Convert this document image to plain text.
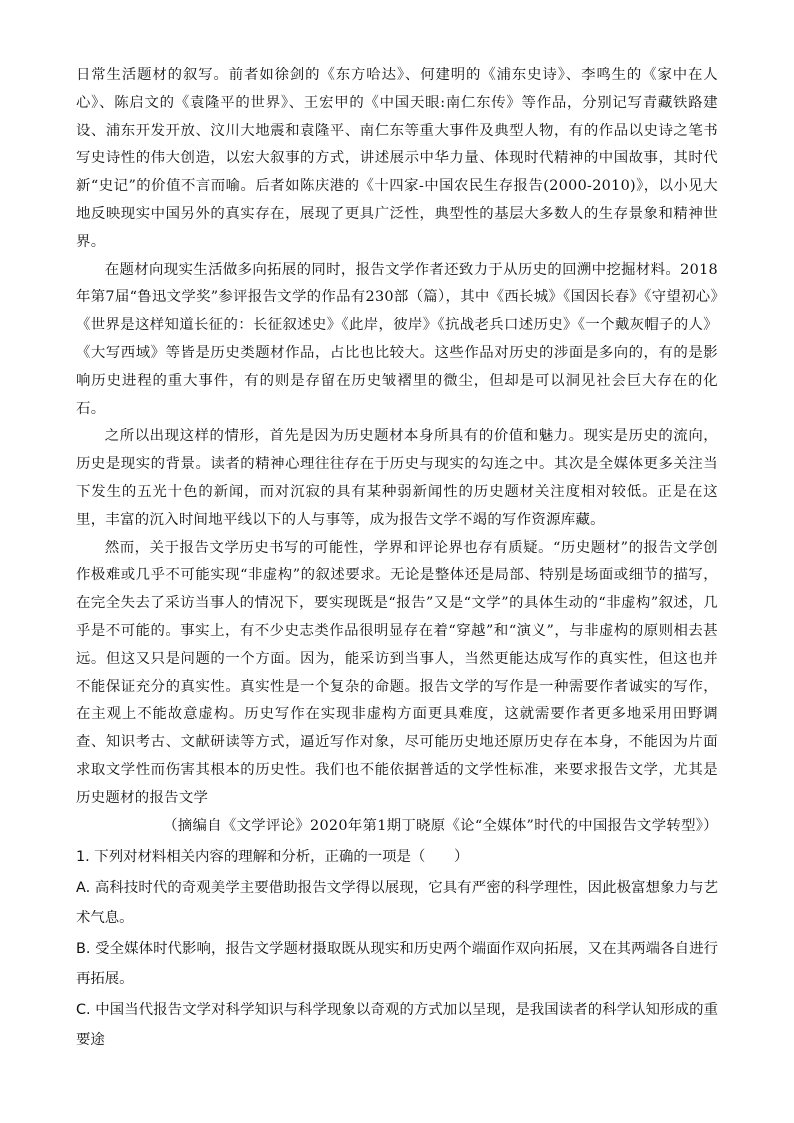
日常生活题材的叙写。前者如徐剑的《东方哈达》、何建明的《浦东史诗》、李鸣生的《家中在人心》、陈启文的《袁隆平的世界》、王宏甲的《中国天眼:南仁东传》等作品，分别记写青藏铁路建设、浦东开发开放、汶川大地震和袁隆平、南仁东等重大事件及典型人物，有的作品以史诗之笔书写史诗性的伟大创造，以宏大叙事的方式，讲述展示中华力量、体现时代精神的中国故事，其时代新“史记”的价值不言而喻。后者如陈庆港的《十四家-中国农民生存报告(2000-2010)》，以小见大地反映现实中国另外的真实存在，展现了更具广泛性，典型性的基层大多数人的生存景象和精神世界。

在题材向现实生活做多向拓展的同时，报告文学作者还致力于从历史的回溯中挖掘材料。2018年第7届“鲁迅文学奖”参评报告文学的作品有230部（篇），其中《西长城》《国因长春》《守望初心》《世界是这样知道长征的：长征叙述史》《此岸，彼岸》《抗战老兵口述历史》《一个戴灰帽子的人》《大写西域》等皆是历史类题材作品，占比也比较大。这些作品对历史的涉面是多向的，有的是影响历史进程的重大事件，有的则是存留在历史皱褶里的微尘，但却是可以洞见社会巨大存在的化石。

之所以出现这样的情形，首先是因为历史题材本身所具有的价值和魅力。现实是历史的流向，历史是现实的背景。读者的精神心理往往存在于历史与现实的勾连之中。其次是全媒体更多关注当下发生的五光十色的新闻，而对沉寂的具有某种弱新闻性的历史题材关注度相对较低。正是在这里，丰富的沉入时间地平线以下的人与事等，成为报告文学不竭的写作资源库藏。

然而，关于报告文学历史书写的可能性，学界和评论界也存有质疑。“历史题材”的报告文学创作极难或几乎不可能实现“非虚构”的叙述要求。无论是整体还是局部、特别是场面或细节的描写，在完全失去了采访当事人的情况下，要实现既是“报告”又是“文学”的具体生动的“非虚构”叙述，几乎是不可能的。事实上，有不少史志类作品很明显存在着“穿越”和“演义”，与非虚构的原则相去甚远。但这又只是问题的一个方面。因为，能采访到当事人，当然更能达成写作的真实性，但这也并不能保证充分的真实性。真实性是一个复杂的命题。报告文学的写作是一种需要作者诚实的写作，在主观上不能故意虚构。历史写作在实现非虚构方面更具难度，这就需要作者更多地采用田野调查、知识考古、文献研读等方式，逼近写作对象，尽可能历史地还原历史存在本身，不能因为片面求取文学性而伤害其根本的历史性。我们也不能依据普适的文学性标准，来要求报告文学，尤其是历史题材的报告文学

（摘编自《文学评论》2020年第1期丁晓原《论“全媒体”时代的中国报告文学转型》）

1. 下列对材料相关内容的理解和分析，正确的一项是（　　）

A. 高科技时代的奇观美学主要借助报告文学得以展现，它具有严密的科学理性，因此极富想象力与艺术气息。

B. 受全媒体时代影响，报告文学题材摄取既从现实和历史两个端面作双向拓展，又在其两端各自进行再拓展。

C. 中国当代报告文学对科学知识与科学现象以奇观的方式加以呈现，是我国读者的科学认知形成的重要途
